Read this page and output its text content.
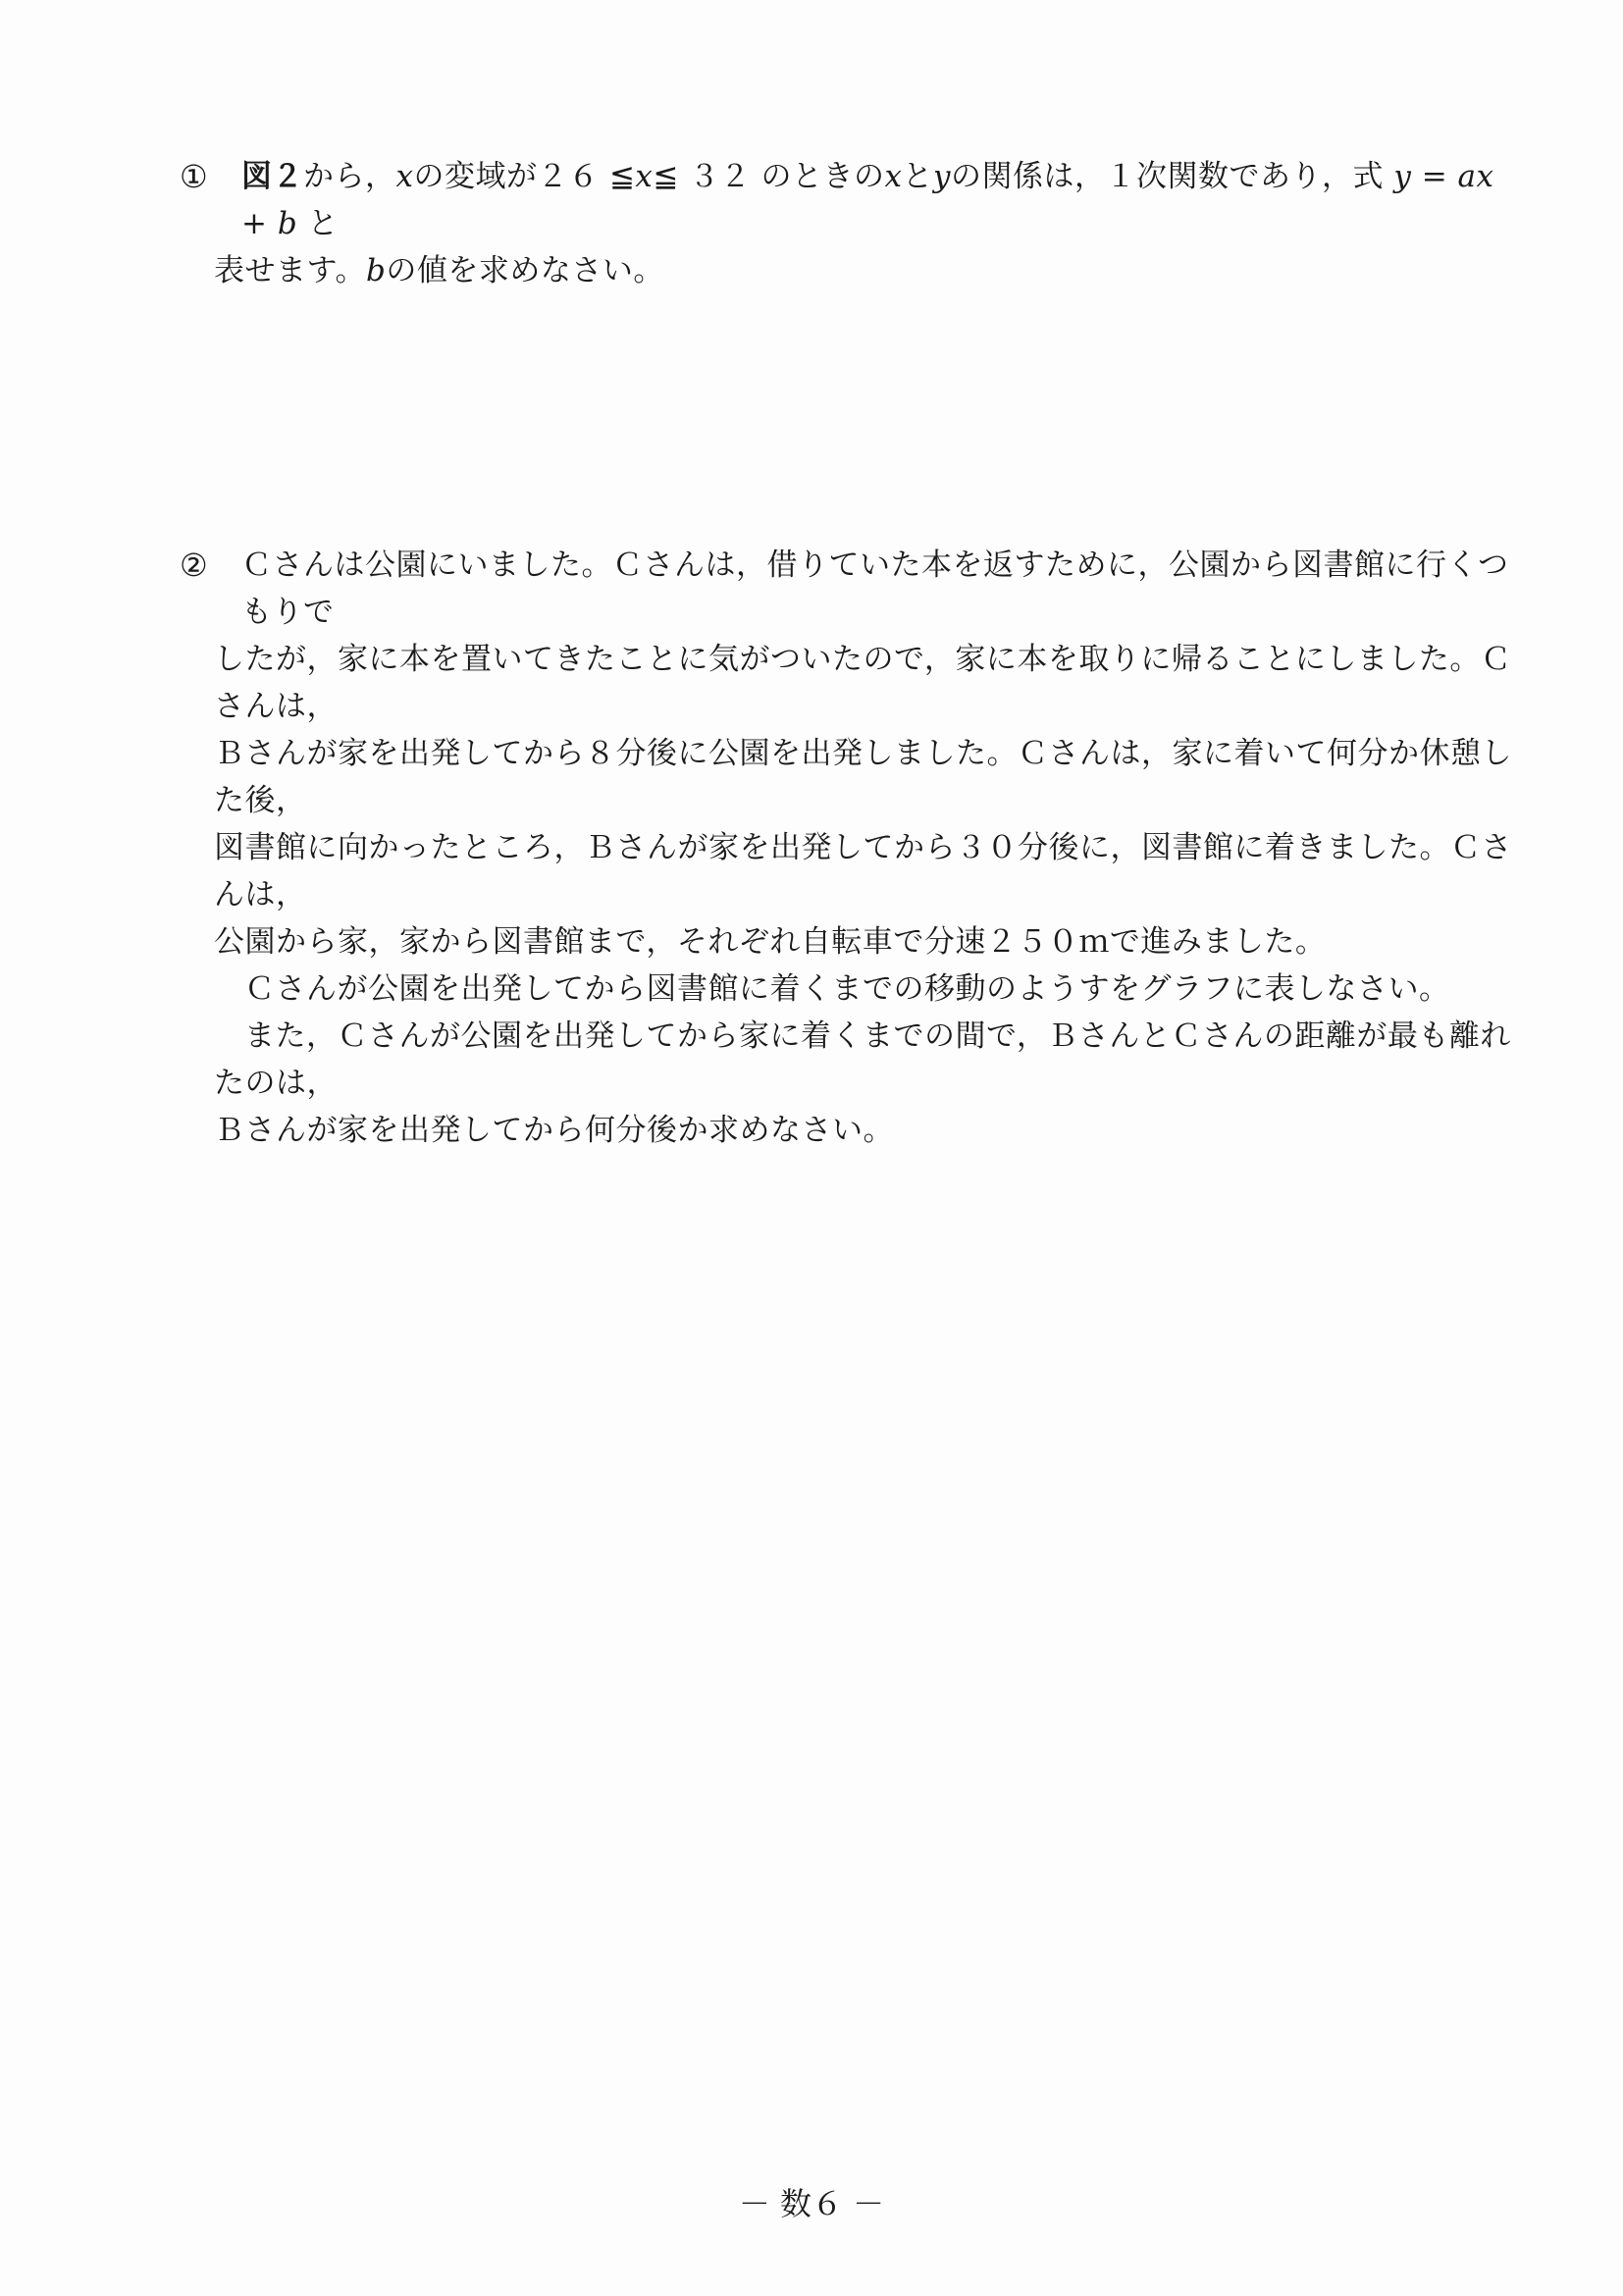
①	図２から，xの変域が２６ ≦x≦ ３２ のときのxとyの関係は，１次関数であり，式 y = ax + b と

表せます。bの値を求めなさい。

②	Ｃさんは公園にいました。Ｃさんは，借りていた本を返すために，公園から図書館に行くつもりで

したが，家に本を置いてきたことに気がついたので，家に本を取りに帰ることにしました。Ｃさんは，

Ｂさんが家を出発してから８分後に公園を出発しました。Ｃさんは，家に着いて何分か休憩した後，

図書館に向かったところ，Ｂさんが家を出発してから３０分後に，図書館に着きました。Ｃさんは，

公園から家，家から図書館まで，それぞれ自転車で分速２５０ｍで進みました。

Ｃさんが公園を出発してから図書館に着くまでの移動のようすをグラフに表しなさい。

また，Ｃさんが公園を出発してから家に着くまでの間で，ＢさんとＣさんの距離が最も離れたのは，

Ｂさんが家を出発してから何分後か求めなさい。

－ 数６ －
